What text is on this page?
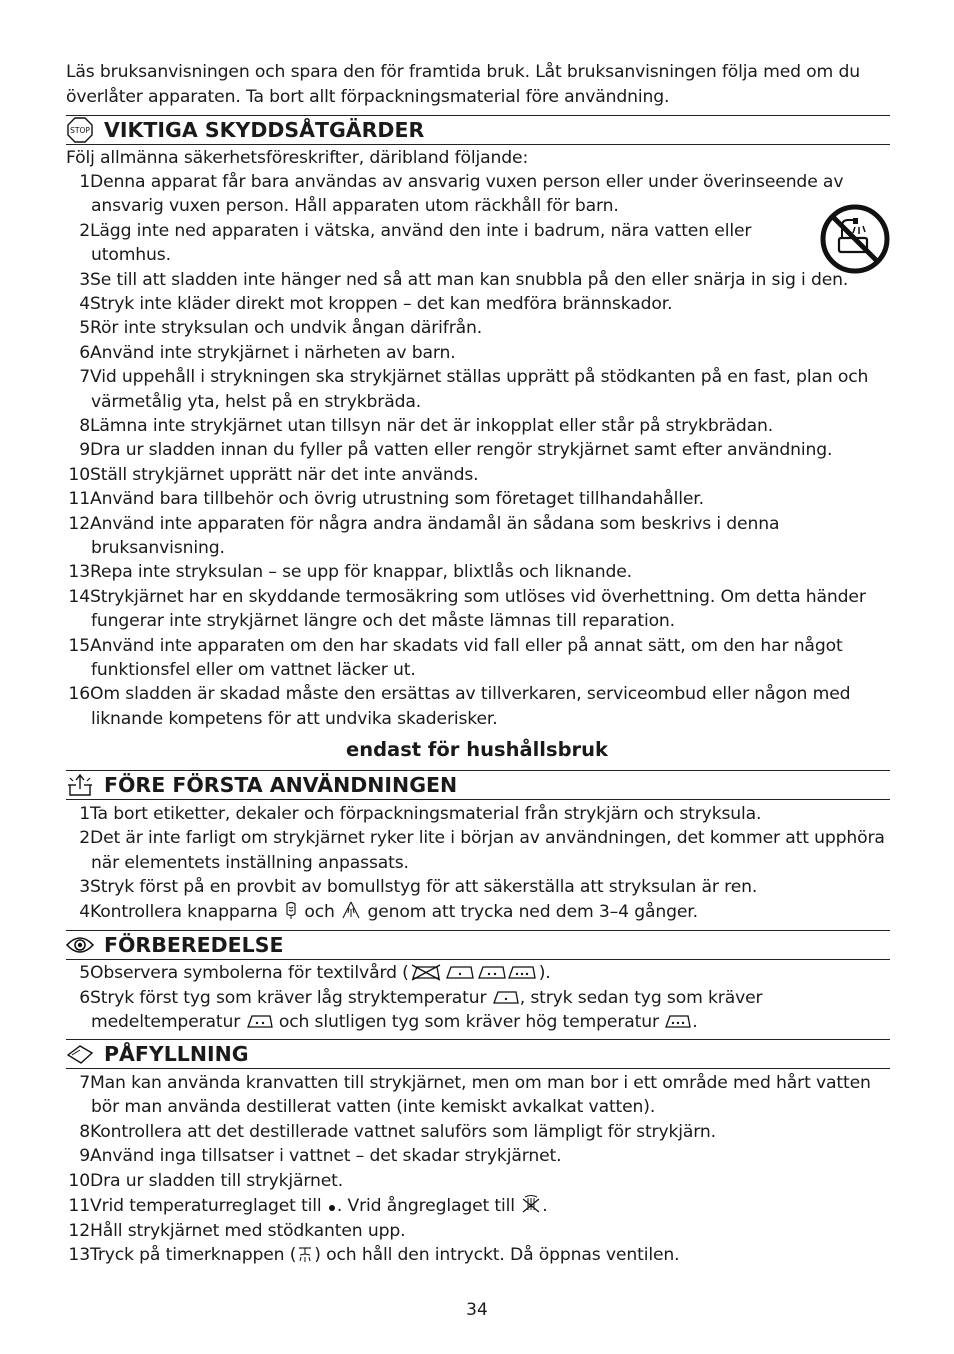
Läs bruksanvisningen och spara den för framtida bruk. Låt bruksanvisningen följa med om du
överlåter apparaten. Ta bort allt förpackningsmaterial före användning.
STOP VIKTIGA SKYDDSÅTGÄRDER
Följ allmänna säkerhetsföreskrifter, däribland följande:
1 Denna apparat får bara användas av ansvarig vuxen person eller under överinseende av
ansvarig vuxen person. Håll apparaten utom räckhåll för barn.
2 Lägg inte ned apparaten i vätska, använd den inte i badrum, nära vatten eller
utomhus.
3 Se till att sladden inte hänger ned så att man kan snubbla på den eller snärja in sig i den.
4 Stryk inte kläder direkt mot kroppen – det kan medföra brännskador.
5 Rör inte stryksulan och undvik ångan därifrån.
6 Använd inte strykjärnet i närheten av barn.
7 Vid uppehåll i strykningen ska strykjärnet ställas upprätt på stödkanten på en fast, plan och
värmetålig yta, helst på en strykbräda.
8 Lämna inte strykjärnet utan tillsyn när det är inkopplat eller står på strykbrädan.
9 Dra ur sladden innan du fyller på vatten eller rengör strykjärnet samt efter användning.
10 Ställ strykjärnet upprätt när det inte används.
11 Använd bara tillbehör och övrig utrustning som företaget tillhandahåller.
12 Använd inte apparaten för några andra ändamål än sådana som beskrivs i denna
bruksanvisning.
13 Repa inte stryksulan – se upp för knappar, blixtlås och liknande.
14 Strykjärnet har en skyddande termosäkring som utlöses vid överhettning. Om detta händer
fungerar inte strykjärnet längre och det måste lämnas till reparation.
15 Använd inte apparaten om den har skadats vid fall eller på annat sätt, om den har något
funktionsfel eller om vattnet läcker ut.
16 Om sladden är skadad måste den ersättas av tillverkaren, serviceombud eller någon med
liknande kompetens för att undvika skaderisker.
endast för hushållsbruk
FÖRE FÖRSTA ANVÄNDNINGEN
1 Ta bort etiketter, dekaler och förpackningsmaterial från strykjärn och stryksula.
2 Det är inte farligt om strykjärnet ryker lite i början av användningen, det kommer att upphöra
när elementets inställning anpassats.
3 Stryk först på en provbit av bomullstyg för att säkerställa att stryksulan är ren.
4 Kontrollera knapparna och genom att trycka ned dem 3–4 gånger.
FÖRBEREDELSE
5 Observera symbolerna för textilvård (	).
6 Stryk först tyg som kräver låg stryktemperatur , stryk sedan tyg som kräver
medeltemperatur och slutligen tyg som kräver hög temperatur .
PÅFYLLNING
7 Man kan använda kranvatten till strykjärnet, men om man bor i ett område med hårt vatten
bör man använda destillerat vatten (inte kemiskt avkalkat vatten).
8 Kontrollera att det destillerade vattnet saluförs som lämpligt för strykjärn.
9 Använd inga tillsatser i vattnet – det skadar strykjärnet.
10 Dra ur sladden till strykjärnet.
11 Vrid temperaturreglaget till . Vrid ångreglaget till .
12 Håll strykjärnet med stödkanten upp.
13 Tryck på timerknappen ( ) och håll den intryckt. Då öppnas ventilen.
34
